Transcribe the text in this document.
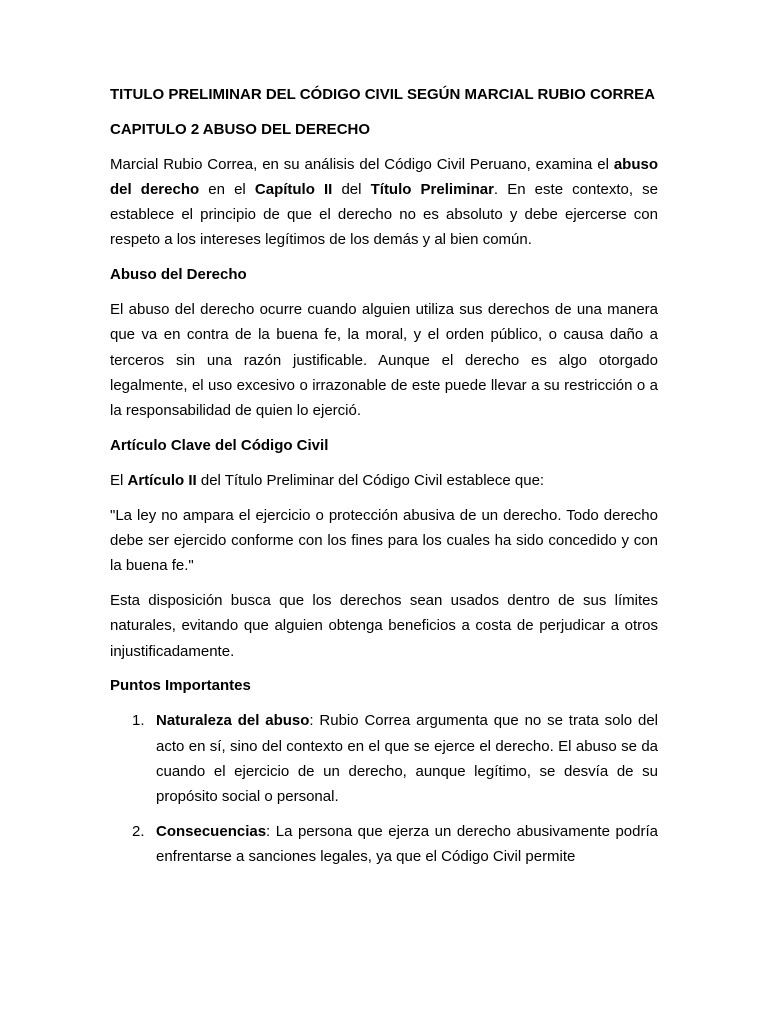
TITULO PRELIMINAR DEL CÓDIGO CIVIL SEGÚN MARCIAL RUBIO CORREA

CAPITULO 2 ABUSO DEL DERECHO

Marcial Rubio Correa, en su análisis del Código Civil Peruano, examina el abuso del derecho en el Capítulo II del Título Preliminar. En este contexto, se establece el principio de que el derecho no es absoluto y debe ejercerse con respeto a los intereses legítimos de los demás y al bien común.

Abuso del Derecho

El abuso del derecho ocurre cuando alguien utiliza sus derechos de una manera que va en contra de la buena fe, la moral, y el orden público, o causa daño a terceros sin una razón justificable. Aunque el derecho es algo otorgado legalmente, el uso excesivo o irrazonable de este puede llevar a su restricción o a la responsabilidad de quien lo ejerció.

Artículo Clave del Código Civil

El Artículo II del Título Preliminar del Código Civil establece que:

"La ley no ampara el ejercicio o protección abusiva de un derecho. Todo derecho debe ser ejercido conforme con los fines para los cuales ha sido concedido y con la buena fe."

Esta disposición busca que los derechos sean usados dentro de sus límites naturales, evitando que alguien obtenga beneficios a costa de perjudicar a otros injustificadamente.

Puntos Importantes

1. Naturaleza del abuso: Rubio Correa argumenta que no se trata solo del acto en sí, sino del contexto en el que se ejerce el derecho. El abuso se da cuando el ejercicio de un derecho, aunque legítimo, se desvía de su propósito social o personal.
2. Consecuencias: La persona que ejerza un derecho abusivamente podría enfrentarse a sanciones legales, ya que el Código Civil permite
